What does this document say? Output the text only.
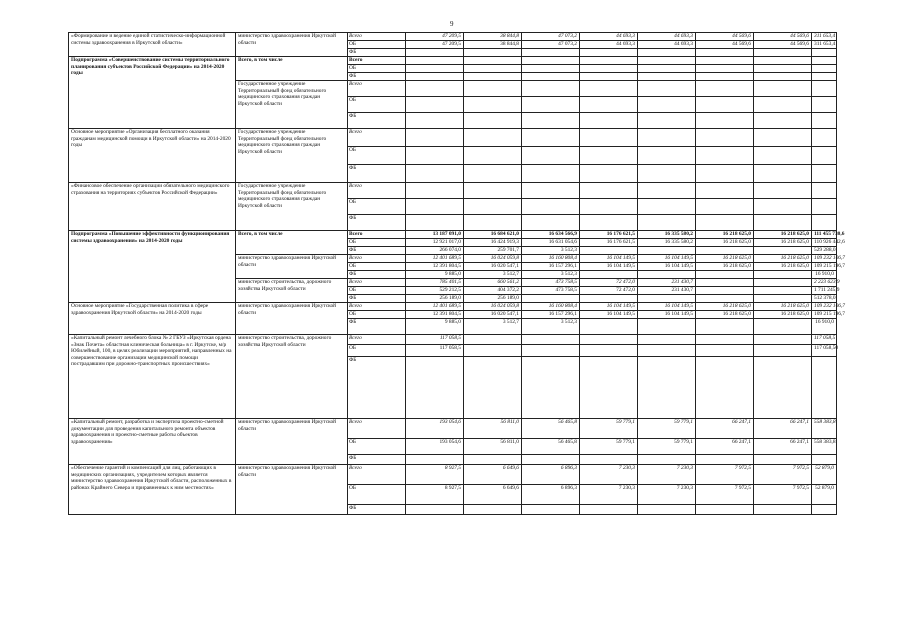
9
«Формирование и ведение единой статистическо-информационной системы здравоохранения в Иркутской области»	министерство здравоохранения Иркутской области	Всего	47 209,5	38 844,8	47 073,2	44 693,3	44 693,3	44 569,6	44 569,6	311 653,4
		ОБ	47 209,5	38 844,8	47 073,2	44 693,3	44 693,3	44 569,6	44 569,6	311 653,4
		ФБ								
Подпрограмма «Совершенствование системы территориального планирования субъектов Российской Федерации» на 2014-2020 годы	Всего, в том числе	Всего								
		ОБ								
		ФБ								
	Государственное учреждение Территориальный фонд обязательного медицинского страхования граждан Иркутской области	Всего								
		ОБ								
		ФБ								
Основное мероприятие «Организация бесплатного оказания гражданам медицинской помощи в Иркутской области» на 2014-2020 годы	Государственное учреждение Территориальный фонд обязательного медицинского страхования граждан Иркутской области	Всего								
		ОБ								
		ФБ								
«Финансовое обеспечение организации обязательного медицинского страхования на территориях субъектов Российской Федерации»	Государственное учреждение Территориальный фонд обязательного медицинского страхования граждан Иркутской области	Всего								
		ОБ								
		ФБ								
Подпрограмма «Повышение эффективности функционирования системы здравоохранения» на 2014-2020 годы	Всего, в том числе	Всего	13 187 091,0	16 684 621,0	16 634 566,9	16 176 621,5	16 335 580,2	16 218 625,0	16 218 625,0	111 455 730,6
		ОБ	12 921 017,0	16 424 919,3	16 631 054,6	16 176 621,5	16 335 580,2	16 218 625,0	16 218 625,0	110 926 442,6
		ФБ	266 074,0	259 701,7	3 512,3					529 288,0
	министерство здравоохранения Иркутской области	Всего	12 401 689,5	16 024 059,8	16 160 808,4	16 104 149,5	16 104 149,5	16 218 625,0	16 218 625,0	109 232 106,7
		ОБ	12 391 804,5	16 020 547,1	16 157 296,1	16 104 149,5	16 104 149,5	16 218 625,0	16 218 625,0	109 215 196,7
		ФБ	9 885,0	3 512,7	3 512,3					16 910,0
	министерство строительства, дорожного хозяйства Иркутской области	Всего	785 401,5	660 561,2	473 758,5	72 472,0	231 430,7			2 223 623,9
		ОБ	529 212,5	404 372,2	473 758,5	72 472,0	231 430,7			1 711 245,9
		ФБ	256 189,0	256 189,0						512 378,0
Основное мероприятие «Государственная политика в сфере здравоохранения Иркутской области» на 2014-2020 годы	министерство здравоохранения Иркутской области	Всего	12 401 689,5	16 024 059,8	16 160 808,4	16 104 149,5	16 104 149,5	16 218 625,0	16 218 625,0	109 232 106,7
		ОБ	12 391 804,5	16 020 547,1	16 157 296,1	16 104 149,5	16 104 149,5	16 218 625,0	16 218 625,0	109 215 196,7
		ФБ	9 885,0	3 512,7	3 512,3					16 910,0
«Капитальный ремонт лечебного блока № 2 ГБУЗ «Иркутская ордена «Знак Почета» областная клиническая больница» в г. Иркутске, м/р Юбилейный, 100, в целях реализации мероприятий, направленных на совершенствование организации медицинской помощи пострадавшим при дорожно-транспортных происшествиях»	министерство строительства, дорожного хозяйства Иркутской области	Всего	117 058,5							117 058,5
		ОБ	117 058,5							117 058,50
		ФБ								
«Капитальный ремонт, разработка и экспертиза проектно-сметной документации для проведения капитального ремонта объектов здравоохранения и проектно-сметные работы объектов здравоохранения»	министерство здравоохранения Иркутской области	Всего	193 054,6	56 811,0	56 465,8	59 779,1	59 779,1	66 247,1	66 247,1	558 383,8
		ОБ	193 054,6	56 811,0	56 465,8	59 779,1	59 779,1	66 247,1	66 247,1	558 383,8
		ФБ								
«Обеспечение гарантий и компенсаций для лиц, работающих в медицинских организациях, учредителем которых является министерство здравоохранения Иркутской области, расположенных в районах Крайнего Севера и приравненных к ним местностях»	министерство здравоохранения Иркутской области	Всего	8 927,5	6 649,6	6 896,3	7 230,3	7 230,3	7 972,5	7 972,5	52 879,0
		ОБ	8 927,5	6 649,6	6 896,3	7 230,3	7 230,3	7 972,5	7 972,5	52 879,0
		ФБ								
